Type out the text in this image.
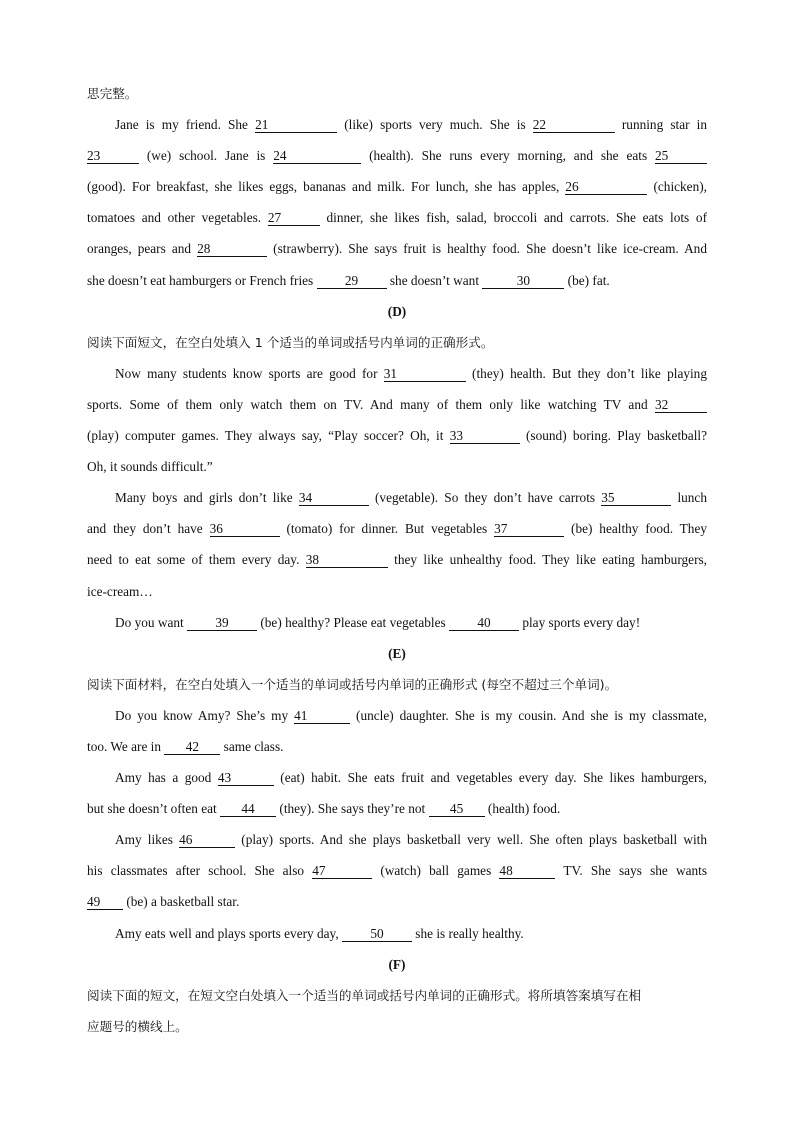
思完整。
Jane is my friend. She 21	(like) sports very much. She is 22	running star in
23	(we) school. Jane is 24	(health). She runs every morning, and she eats 25
(good). For breakfast, she likes eggs, bananas and milk. For lunch, she has apples, 26	(chicken),
tomatoes and other vegetables. 27	dinner, she likes fish, salad, broccoli and carrots. She eats lots of
oranges, pears and 28	(strawberry). She says fruit is healthy food. She doesn’t like ice-cream. And
she doesn’t eat hamburgers or French fries 29 she doesn’t want	30	(be) fat.
(D)
阅读下面短文，在空白处填入 1 个适当的单词或括号内单词的正确形式。
Now many students know sports are good for 31	(they) health. But they don’t like playing
sports. Some of them only watch them on TV. And many of them only like watching TV and 32
(play) computer games. They always say, “Play soccer? Oh, it 33	(sound) boring. Play basketball?
Oh, it sounds difficult.”
Many boys and girls don’t like 34	(vegetable). So they don’t have carrots 35	lunch
and they don’t have 36	(tomato) for dinner. But vegetables 37	(be) healthy food. They
need to eat some of them every day. 38	they like unhealthy food. They like eating hamburgers,
ice-cream…
Do you want 39 (be) healthy? Please eat vegetables 40 play sports every day!
(E)
阅读下面材料，在空白处填入一个适当的单词或括号内单词的正确形式 (每空不超过三个单词)。
Do you know Amy? She’s my 41	(uncle) daughter. She is my cousin. And she is my classmate,
too. We are in 42 same class.
Amy has a good 43	(eat) habit. She eats fruit and vegetables every day. She likes hamburgers,
but she doesn’t often eat 44 (they). She says they’re not 45 (health) food.
Amy likes 46	(play) sports. And she plays basketball very well. She often plays basketball with
his classmates after school. She also 47	(watch) ball games 48	TV. She says she wants
49 (be) a basketball star.
Amy eats well and plays sports every day, 50 she is really healthy.
(F)
阅读下面的短文，在短文空白处填入一个适当的单词或括号内单词的正确形式。将所填答案填写在相
应题号的横线上。
